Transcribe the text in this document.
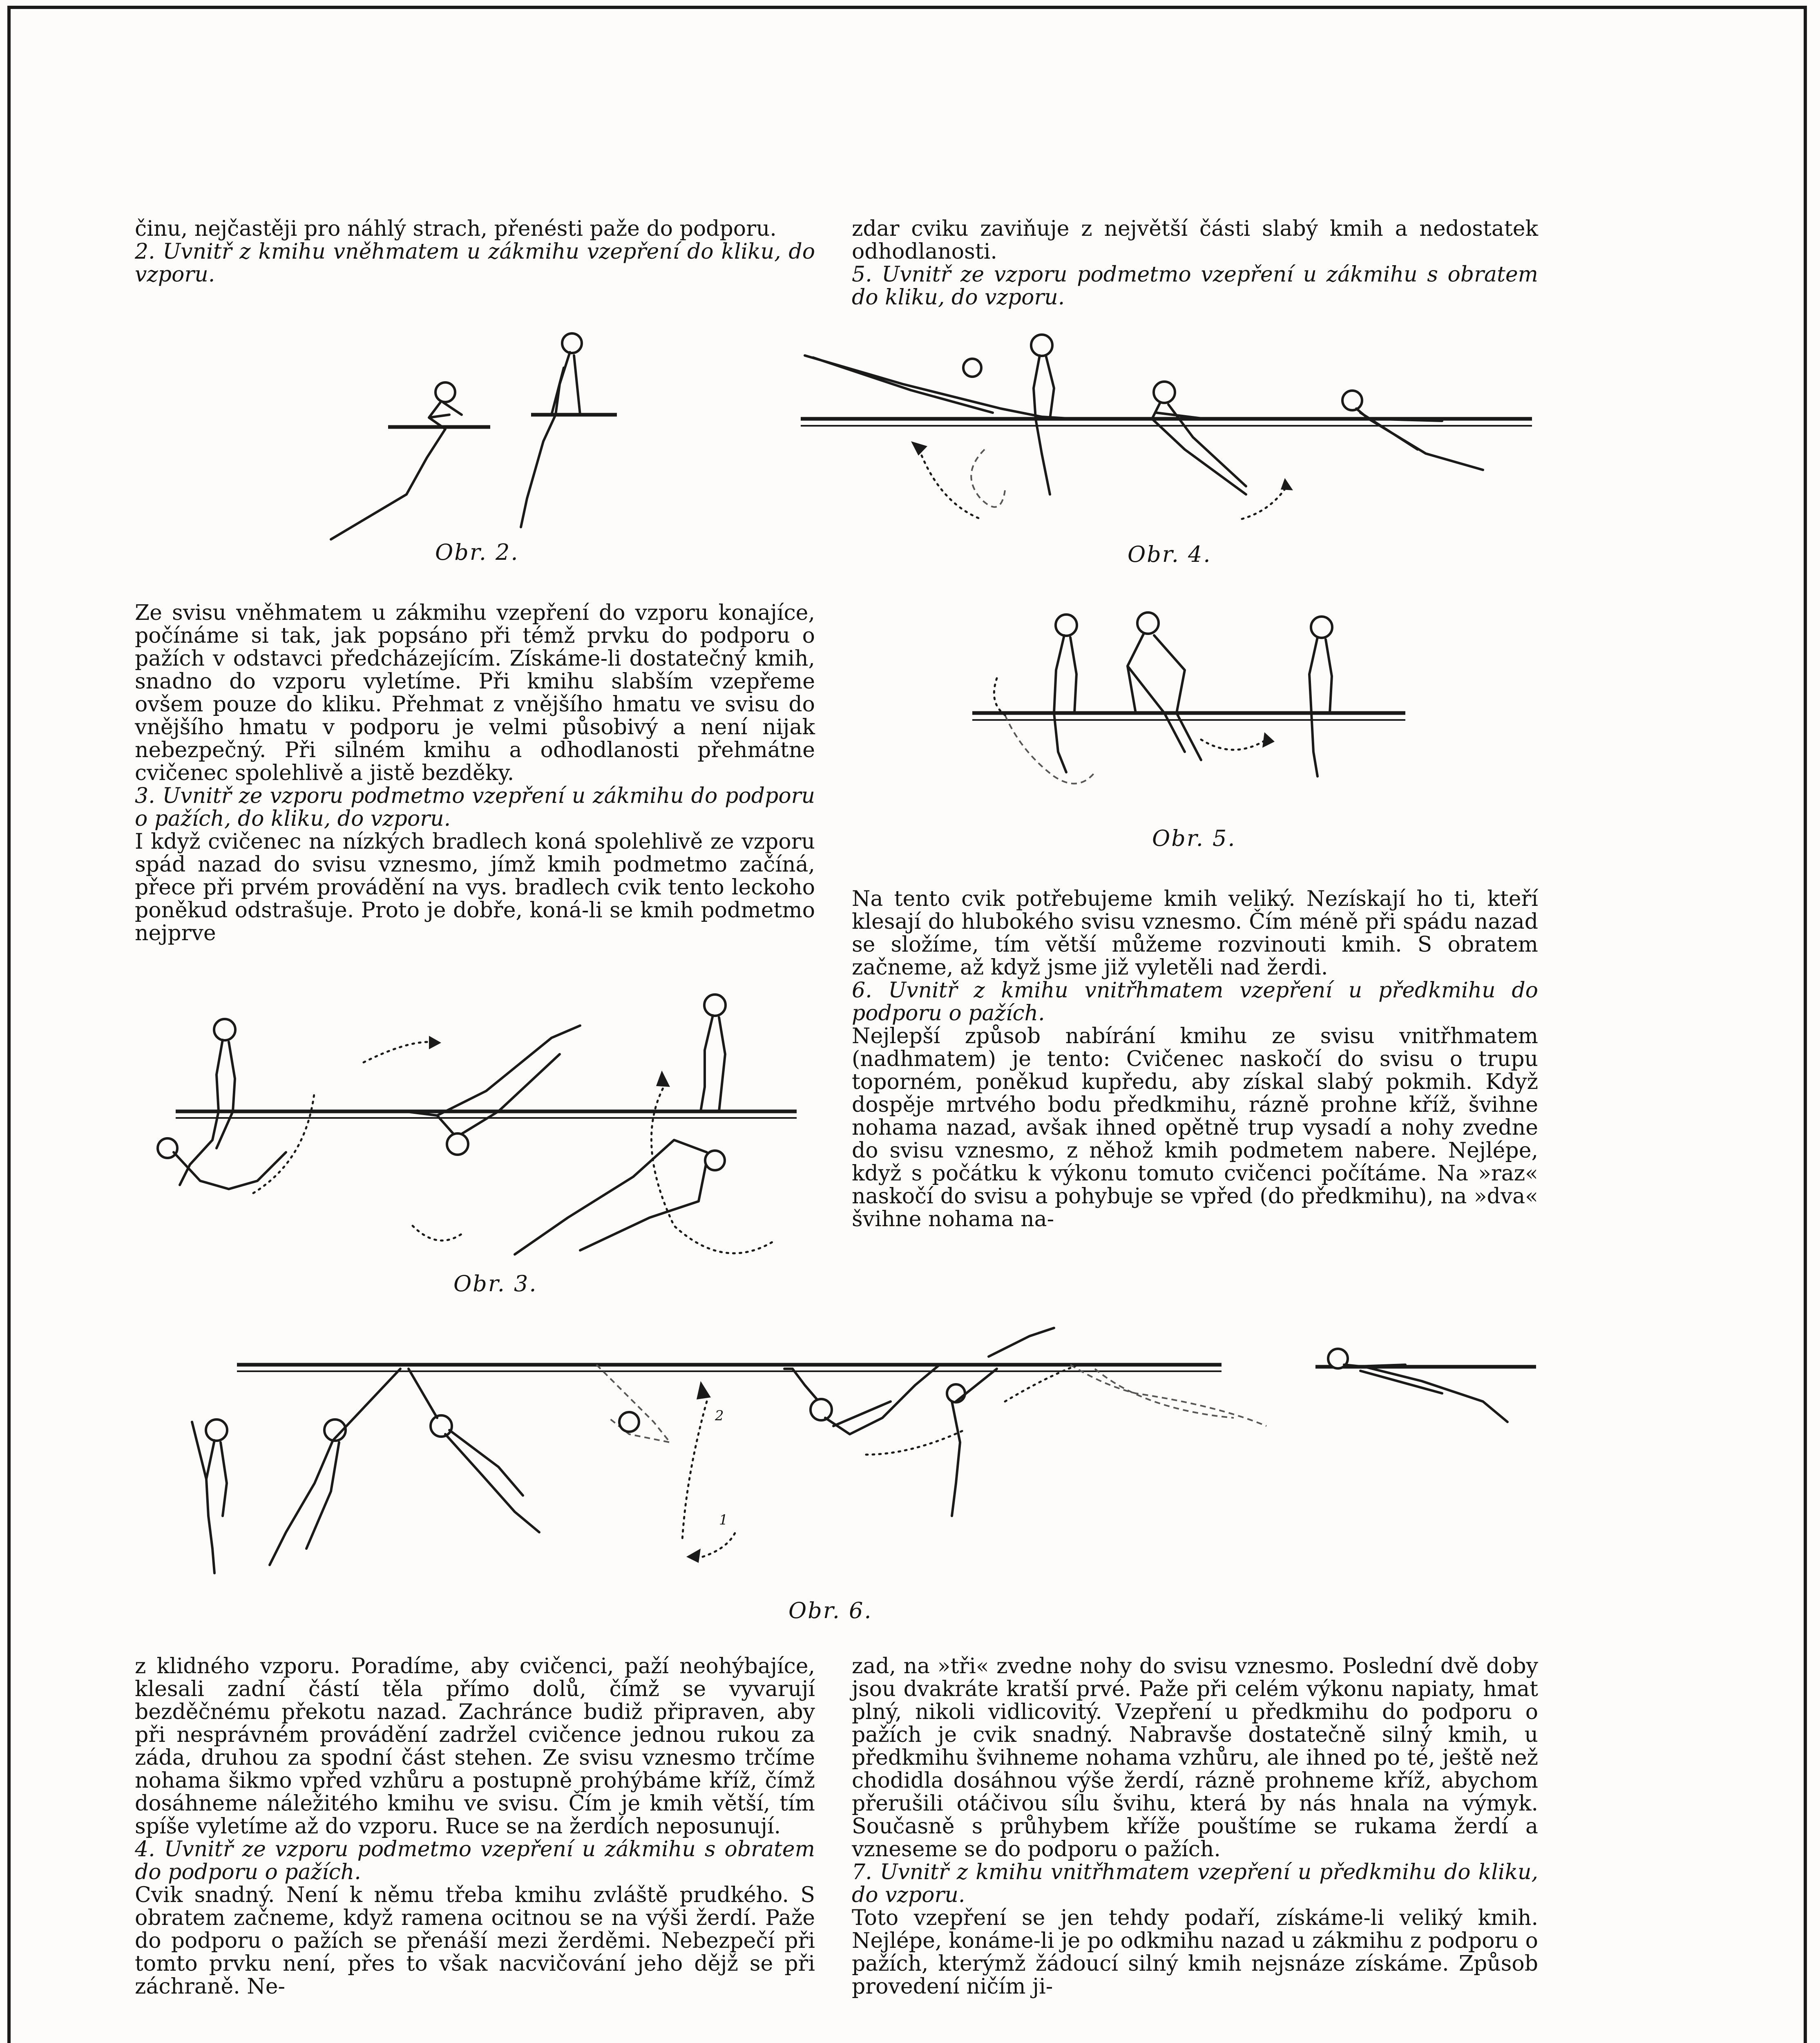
činu, nejčastěji pro náhlý strach, přenésti paže do podporu.

2. Uvnitř z kmihu vněhmatem u zákmihu vzepření do kliku, do vzporu.

zdar cviku zaviňuje z největší části slabý kmih a nedostatek odhodlanosti.

5. Uvnitř ze vzporu podmetmo vzepření u zákmihu s obratem do kliku, do vzporu.

Obr. 2.	Obr. 4.

Ze svisu vněhmatem u zákmihu vzepření do vzporu konajíce, počínáme si tak, jak popsáno při témž prvku do podporu o pažích v odstavci předcházejícím. Získáme-li dostatečný kmih, snadno do vzporu vyletíme. Při kmihu slabším vzepřeme ovšem pouze do kliku. Přehmat z vnějšího hmatu ve svisu do vnějšího hmatu v podporu je velmi působivý a není nijak nebezpečný. Při silném kmihu a odhodlanosti přehmátne cvičenec spolehlivě a jistě bezděky.

3. Uvnitř ze vzporu podmetmo vzepření u zákmihu do podporu o pažích, do kliku, do vzporu.

I když cvičenec na nízkých bradlech koná spolehlivě ze vzporu spád nazad do svisu vznesmo, jímž kmih podmetmo začíná, přece při prvém provádění na vys. bradlech cvik tento leckoho poněkud odstrašuje. Proto je dobře, koná-li se kmih podmetmo nejprve

Obr. 5.

Na tento cvik potřebujeme kmih veliký. Nezískají ho ti, kteří klesají do hlubokého svisu vznesmo. Čím méně při spádu nazad se složíme, tím větší můžeme rozvinouti kmih. S obratem začneme, až když jsme již vyletěli nad žerdi.

6. Uvnitř z kmihu vnitřhmatem vzepření u předkmihu do podporu o pažích.

Nejlepší způsob nabírání kmihu ze svisu vnitřhmatem (nadhmatem) je tento: Cvičenec naskočí do svisu o trupu toporném, poněkud kupředu, aby získal slabý pokmih. Když dospěje mrtvého bodu předkmihu, rázně prohne kříž, švihne nohama nazad, avšak ihned opětně trup vysadí a nohy zvedne do svisu vznesmo, z něhož kmih podmetem nabere. Nejlépe, když s počátku k výkonu tomuto cvičenci počítáme. Na »raz« naskočí do svisu a pohybuje se vpřed (do předkmihu), na »dva« švihne nohama na-

Obr. 3.
2
1
Obr. 6.

z klidného vzporu. Poradíme, aby cvičenci, paží neohýbajíce, klesali zadní částí těla přímo dolů, čímž se vyvarují bezděčnému překotu nazad. Zachránce budiž připraven, aby při nesprávném provádění zadržel cvičence jednou rukou za záda, druhou za spodní část stehen. Ze svisu vznesmo trčíme nohama šikmo vpřed vzhůru a postupně prohýbáme kříž, čímž dosáhneme náležitého kmihu ve svisu. Čím je kmih větší, tím spíše vyletíme až do vzporu. Ruce se na žerdích neposunují.

4. Uvnitř ze vzporu podmetmo vzepření u zákmihu s obratem do podporu o pažích.

Cvik snadný. Není k němu třeba kmihu zvláště prudkého. S obratem začneme, když ramena ocitnou se na výši žerdí. Paže do podporu o pažích se přenáší mezi žerděmi. Nebezpečí při tomto prvku není, přes to však nacvičování jeho dějž se při záchraně. Ne-

zad, na »tři« zvedne nohy do svisu vznesmo. Poslední dvě doby jsou dvakráte kratší prvé. Paže při celém výkonu napiaty, hmat plný, nikoli vidlicovitý. Vzepření u předkmihu do podporu o pažích je cvik snadný. Nabravše dostatečně silný kmih, u předkmihu švihneme nohama vzhůru, ale ihned po té, ještě než chodidla dosáhnou výše žerdí, rázně prohneme kříž, abychom přerušili otáčivou sílu švihu, která by nás hnala na výmyk. Současně s průhybem kříže pouštíme se rukama žerdí a vzneseme se do podporu o pažích.

7. Uvnitř z kmihu vnitřhmatem vzepření u předkmihu do kliku, do vzporu.

Toto vzepření se jen tehdy podaří, získáme-li veliký kmih. Nejlépe, konáme-li je po odkmihu nazad u zákmihu z podporu o pažích, kterýmž žádoucí silný kmih nejsnáze získáme. Způsob provedení ničím ji-
